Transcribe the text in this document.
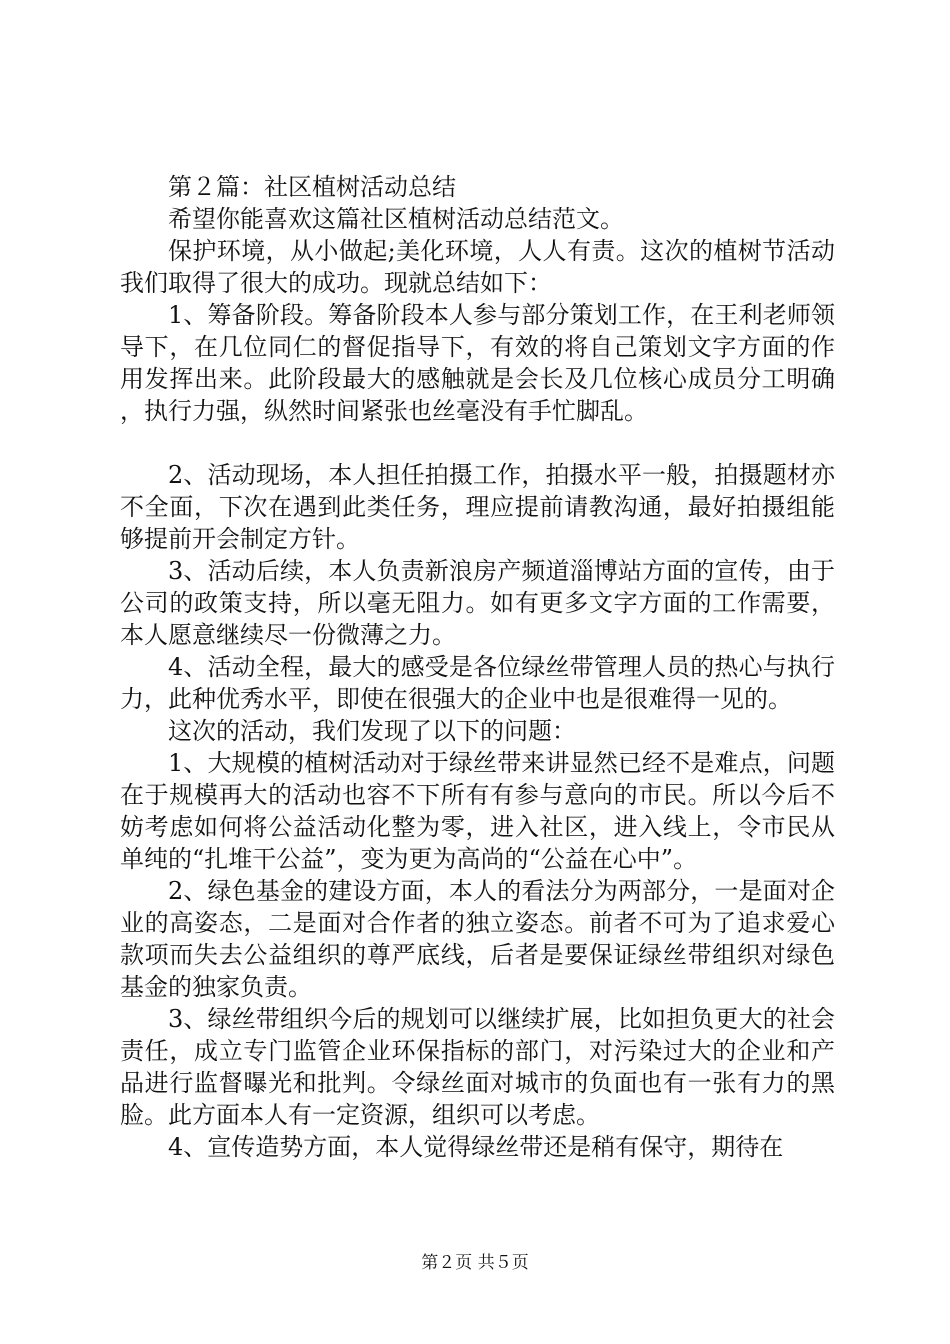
第２篇：社区植树活动总结

希望你能喜欢这篇社区植树活动总结范文。

保护环境，从小做起;美化环境，人人有责。这次的植树节活动我们取得了很大的成功。现就总结如下：

1、筹备阶段。筹备阶段本人参与部分策划工作，在王利老师领导下，在几位同仁的督促指导下，有效的将自己策划文字方面的作用发挥出来。此阶段最大的感触就是会长及几位核心成员分工明确，执行力强，纵然时间紧张也丝毫没有手忙脚乱。

2、活动现场，本人担任拍摄工作，拍摄水平一般，拍摄题材亦不全面，下次在遇到此类任务，理应提前请教沟通，最好拍摄组能够提前开会制定方针。

3、活动后续，本人负责新浪房产频道淄博站方面的宣传，由于公司的政策支持，所以毫无阻力。如有更多文字方面的工作需要，本人愿意继续尽一份微薄之力。

4、活动全程，最大的感受是各位绿丝带管理人员的热心与执行力，此种优秀水平，即使在很强大的企业中也是很难得一见的。

这次的活动，我们发现了以下的问题：

1、大规模的植树活动对于绿丝带来讲显然已经不是难点，问题在于规模再大的活动也容不下所有有参与意向的市民。所以今后不妨考虑如何将公益活动化整为零，进入社区，进入线上，令市民从单纯的“扎堆干公益”，变为更为高尚的“公益在心中”。

2、绿色基金的建设方面，本人的看法分为两部分，一是面对企业的高姿态，二是面对合作者的独立姿态。前者不可为了追求爱心款项而失去公益组织的尊严底线，后者是要保证绿丝带组织对绿色基金的独家负责。

3、绿丝带组织今后的规划可以继续扩展，比如担负更大的社会责任，成立专门监管企业环保指标的部门，对污染过大的企业和产品进行监督曝光和批判。令绿丝面对城市的负面也有一张有力的黑脸。此方面本人有一定资源，组织可以考虑。

4、宣传造势方面，本人觉得绿丝带还是稍有保守，期待在

第２页 共５页
